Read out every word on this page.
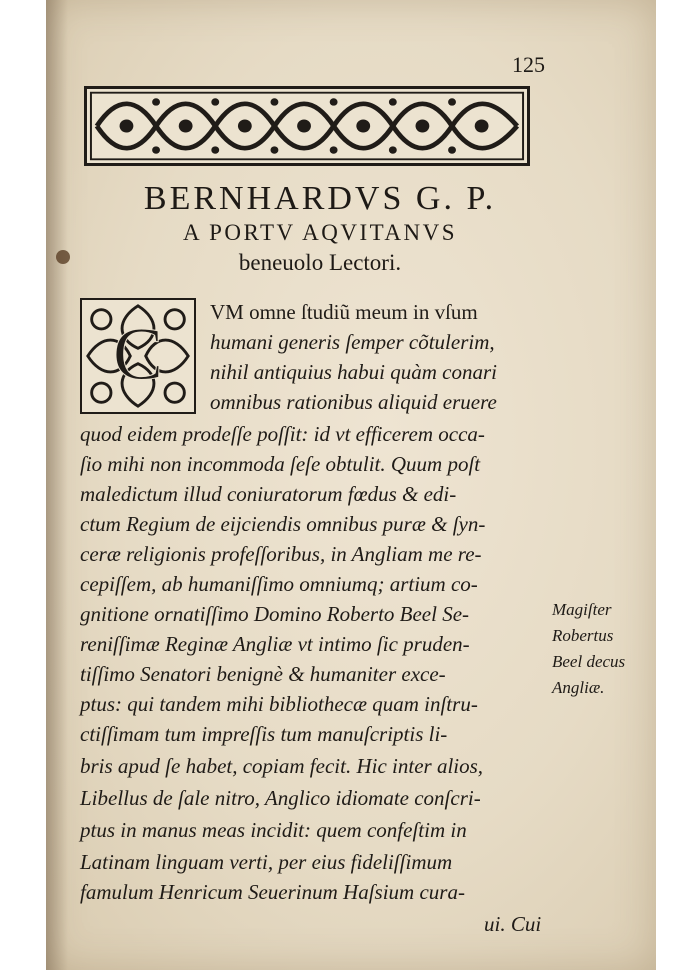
125
BERNHARDVS G. P.
A PORTV AQVITANVS
beneuolo Lectori.
C
VM omne ſtudiũ meum in vſum
humani generis ſemper cõtulerim,
nihil antiquius habui quàm conari
omnibus rationibus aliquid eruere
quod eidem prodeſſe poſſit: id vt efficerem occa-
ſio mihi non incommoda ſeſe obtulit. Quum poſt
maledictum illud coniuratorum fœdus & edi-
ctum Regium de eijciendis omnibus puræ & ſyn-
ceræ religionis profeſſoribus, in Angliam me re-
cepiſſem, ab humaniſſimo omniumq; artium co-
gnitione ornatiſſimo Domino Roberto Beel Se-
reniſſimæ Reginæ Angliæ vt intimo ſic pruden-
tiſſimo Senatori benignè & humaniter exce-
ptus: qui tandem mihi bibliothecæ quam inſtru-
ctiſſimam tum impreſſis tum manuſcriptis li-
bris apud ſe habet, copiam fecit. Hic inter alios,
Libellus de ſale nitro, Anglico idiomate conſcri-
ptus in manus meas incidit: quem confeſtim in
Latinam linguam verti, per eius fideliſſimum
famulum Henricum Seuerinum Haſsium cura-
ui. Cui
Magiſter
Robertus
Beel decus
Angliæ.
